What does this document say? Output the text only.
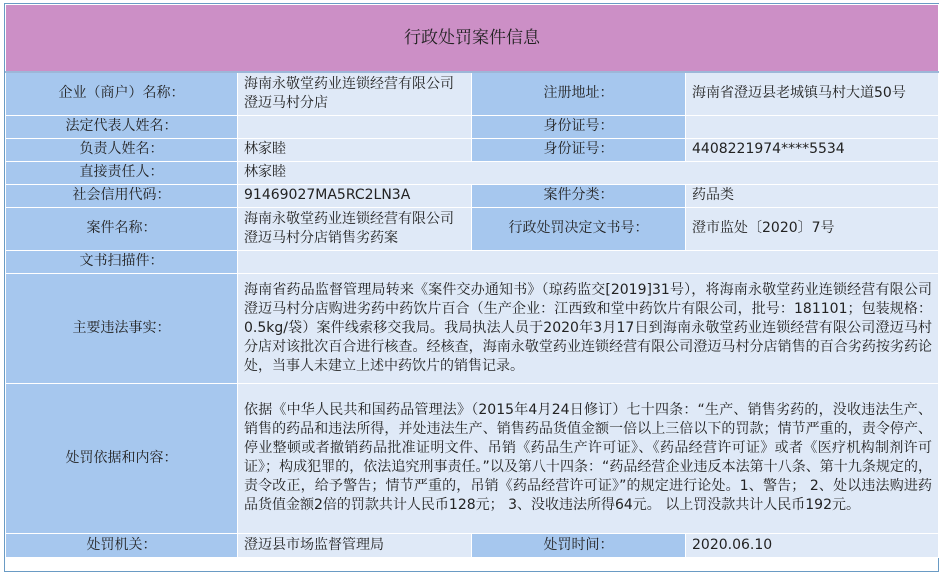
行政处罚案件信息			
企业（商户）名称：	海南永敬堂药业连锁经营有限公司澄迈马村分店	注册地址：	海南省澄迈县老城镇马村大道50号
法定代表人姓名：		身份证号：	
负责人姓名：	林家睦	身份证号：	4408221974****5534
直接责任人：	林家睦		
社会信用代码：	91469027MA5RC2LN3A	案件分类：	药品类
案件名称：	海南永敬堂药业连锁经营有限公司澄迈马村分店销售劣药案	行政处罚决定文书号：	澄市监处〔2020〕7号
文书扫描件：			
主要违法事实：	海南省药品监督管理局转来《案件交办通知书》（琼药监交[2019]31号），将海南永敬堂药业连锁经营有限公司澄迈马村分店购进劣药中药饮片百合（生产企业：江西致和堂中药饮片有限公司，批号：181101；包装规格：0.5kg/袋）案件线索移交我局。我局执法人员于2020年3月17日到海南永敬堂药业连锁经营有限公司澄迈马村分店对该批次百合进行核查。经核查，海南永敬堂药业连锁经营有限公司澄迈马村分店销售的百合劣药按劣药论处，当事人未建立上述中药饮片的销售记录。		
处罚依据和内容：	依据《中华人民共和国药品管理法》（2015年4月24日修订）七十四条：“生产、销售劣药的，没收违法生产、销售的药品和违法所得，并处违法生产、销售药品货值金额一倍以上三倍以下的罚款；情节严重的，责令停产、停业整顿或者撤销药品批准证明文件、吊销《药品生产许可证》、《药品经营许可证》或者《医疗机构制剂许可证》；构成犯罪的，依法追究刑事责任。”以及第八十四条：“药品经营企业违反本法第十八条、第十九条规定的，责令改正，给予警告；情节严重的，吊销《药品经营许可证》”的规定进行论处。1、警告； 2、处以违法购进药品货值金额2倍的罚款共计人民币128元； 3、没收违法所得64元。 以上罚没款共计人民币192元。		
处罚机关：	澄迈县市场监督管理局	处罚时间：	2020.06.10
